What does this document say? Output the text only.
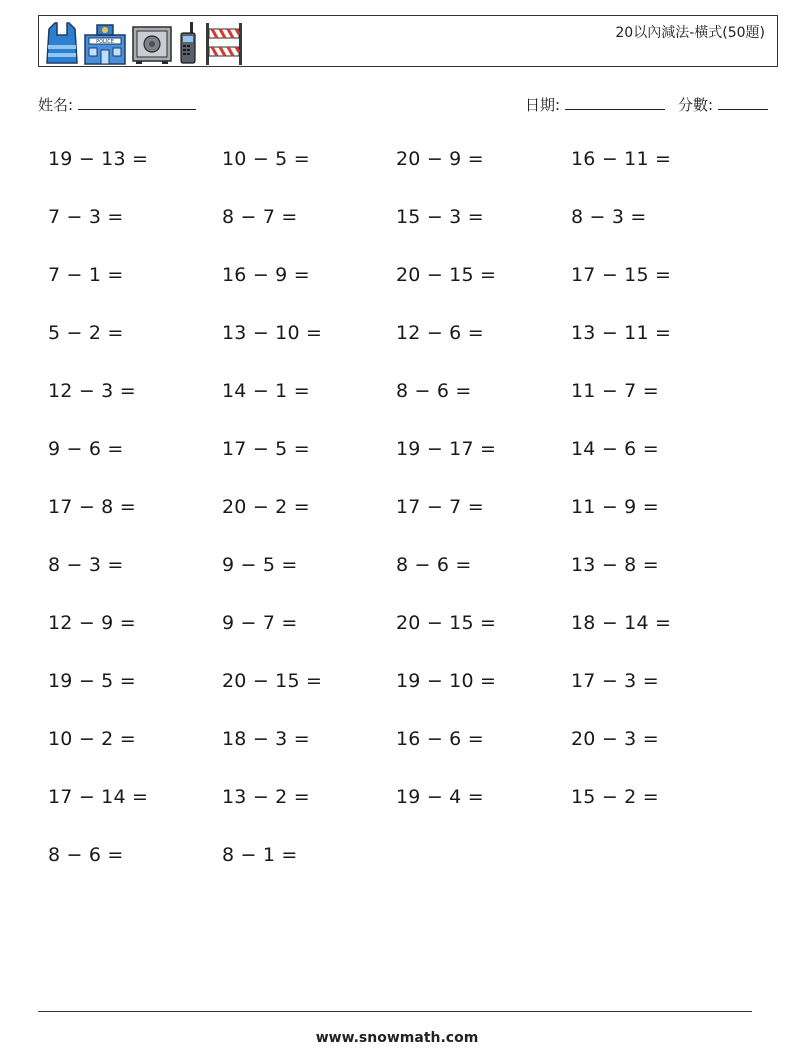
POLICE
20以內減法-橫式(50題)
姓名:	日期:	分數:
19 − 13 =	10 − 5 =	20 − 9 =	16 − 11 =
7 − 3 =	8 − 7 =	15 − 3 =	8 − 3 =
7 − 1 =	16 − 9 =	20 − 15 =	17 − 15 =
5 − 2 =	13 − 10 =	12 − 6 =	13 − 11 =
12 − 3 =	14 − 1 =	8 − 6 =	11 − 7 =
9 − 6 =	17 − 5 =	19 − 17 =	14 − 6 =
17 − 8 =	20 − 2 =	17 − 7 =	11 − 9 =
8 − 3 =	9 − 5 =	8 − 6 =	13 − 8 =
12 − 9 =	9 − 7 =	20 − 15 =	18 − 14 =
19 − 5 =	20 − 15 =	19 − 10 =	17 − 3 =
10 − 2 =	18 − 3 =	16 − 6 =	20 − 3 =
17 − 14 =	13 − 2 =	19 − 4 =	15 − 2 =
8 − 6 =	8 − 1 =
www.snowmath.com
